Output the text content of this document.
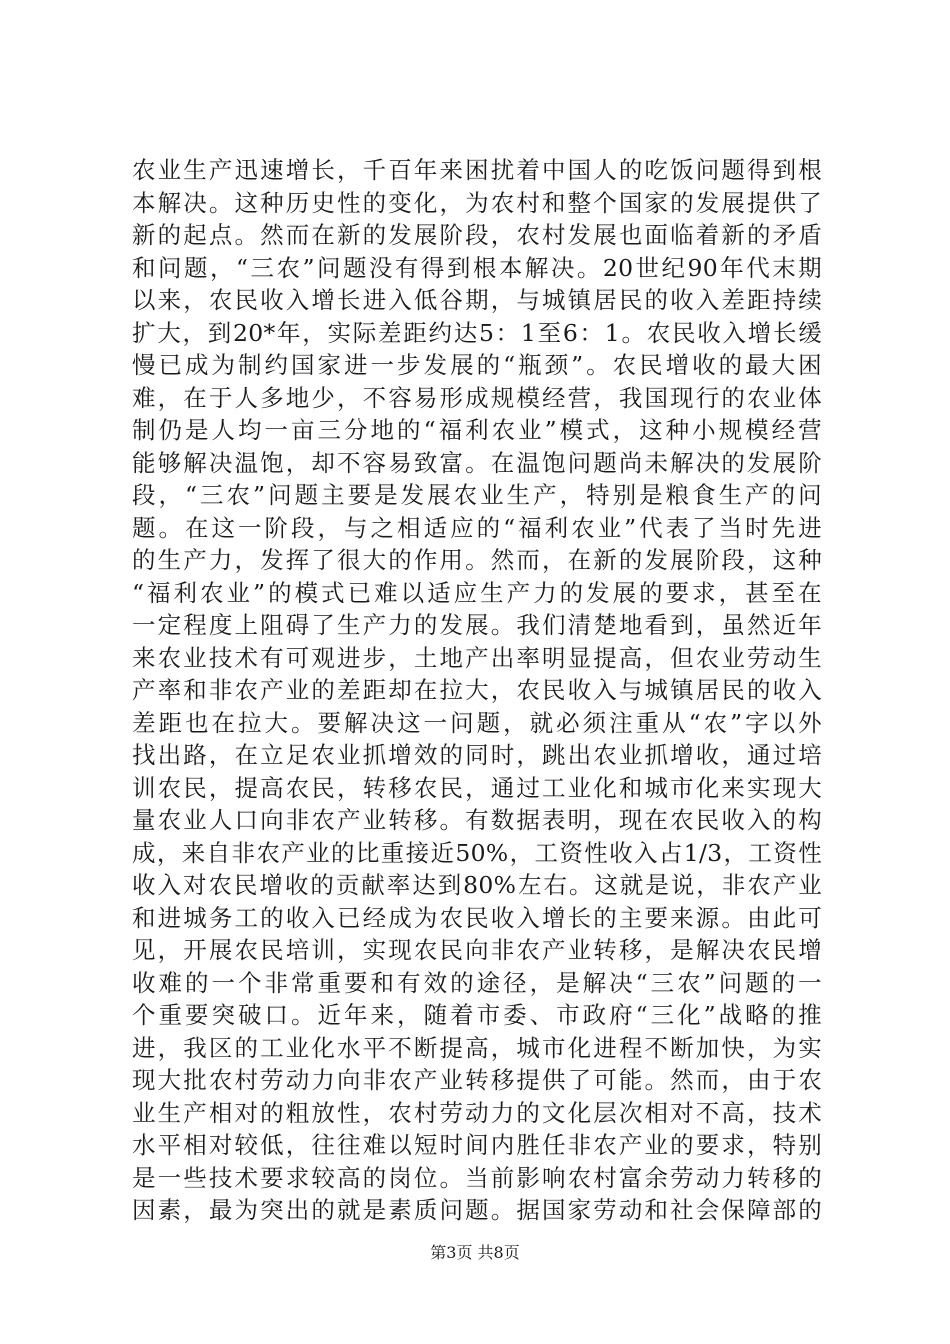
农业生产迅速增长，千百年来困扰着中国人的吃饭问题得到根
本解决。这种历史性的变化，为农村和整个国家的发展提供了
新的起点。然而在新的发展阶段，农村发展也面临着新的矛盾
和问题，“三农”问题没有得到根本解决。20世纪90年代末期
以来，农民收入增长进入低谷期，与城镇居民的收入差距持续
扩大，到20*年，实际差距约达5：1至6：1。农民收入增长缓
慢已成为制约国家进一步发展的“瓶颈”。农民增收的最大困
难，在于人多地少，不容易形成规模经营，我国现行的农业体
制仍是人均一亩三分地的“福利农业”模式，这种小规模经营
能够解决温饱，却不容易致富。在温饱问题尚未解决的发展阶
段，“三农”问题主要是发展农业生产，特别是粮食生产的问
题。在这一阶段，与之相适应的“福利农业”代表了当时先进
的生产力，发挥了很大的作用。然而，在新的发展阶段，这种
“福利农业”的模式已难以适应生产力的发展的要求，甚至在
一定程度上阻碍了生产力的发展。我们清楚地看到，虽然近年
来农业技术有可观进步，土地产出率明显提高，但农业劳动生
产率和非农产业的差距却在拉大，农民收入与城镇居民的收入
差距也在拉大。要解决这一问题，就必须注重从“农”字以外
找出路，在立足农业抓增效的同时，跳出农业抓增收，通过培
训农民，提高农民，转移农民，通过工业化和城市化来实现大
量农业人口向非农产业转移。有数据表明，现在农民收入的构
成，来自非农产业的比重接近50%，工资性收入占1/3，工资性
收入对农民增收的贡献率达到80%左右。这就是说，非农产业
和进城务工的收入已经成为农民收入增长的主要来源。由此可
见，开展农民培训，实现农民向非农产业转移，是解决农民增
收难的一个非常重要和有效的途径，是解决“三农”问题的一
个重要突破口。近年来，随着市委、市政府“三化”战略的推
进，我区的工业化水平不断提高，城市化进程不断加快，为实
现大批农村劳动力向非农产业转移提供了可能。然而，由于农
业生产相对的粗放性，农村劳动力的文化层次相对不高，技术
水平相对较低，往往难以短时间内胜任非农产业的要求，特别
是一些技术要求较高的岗位。当前影响农村富余劳动力转移的
因素，最为突出的就是素质问题。据国家劳动和社会保障部的
第3页 共8页
